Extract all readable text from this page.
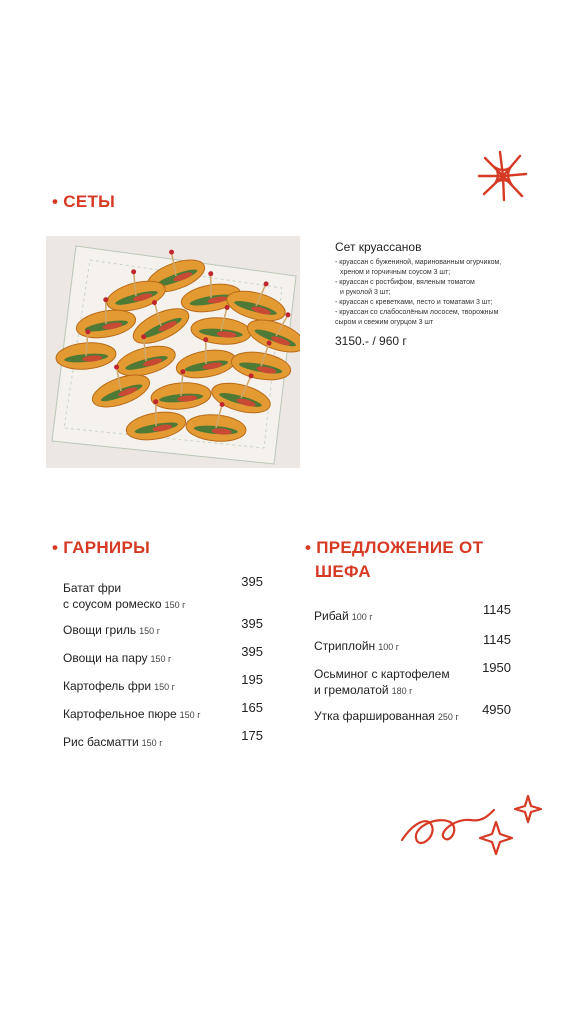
• СЕТЫ

Сет круассанов

- круассан с бужениной, маринованным огурчиком,
хреном и горчичным соусом 3 шт;
- круассан с ростбифом, вяленым томатом
и руколой 3 шт;
- круассан с креветками, песто и томатами 3 шт;
- круассан со слабосолёным лососем, творожным
сыром и свежим огурцом 3 шт
3150.- / 960 г
• ГАРНИРЫ
Батат фри
с соусом ромеско 150 г
395
Овощи гриль 150 г	395
Овощи на пару 150 г	395
Картофель фри 150 г	195
Картофельное пюре 150 г	165
Рис басматти 150 г	175
• ПРЕДЛОЖЕНИЕ ОТ
ШЕФА
Рибай 100 г	1145
Стриплойн 100 г	1145
Осьминог с картофелем
и гремолатой 180 г
1950
Утка фаршированная 250 г	4950
